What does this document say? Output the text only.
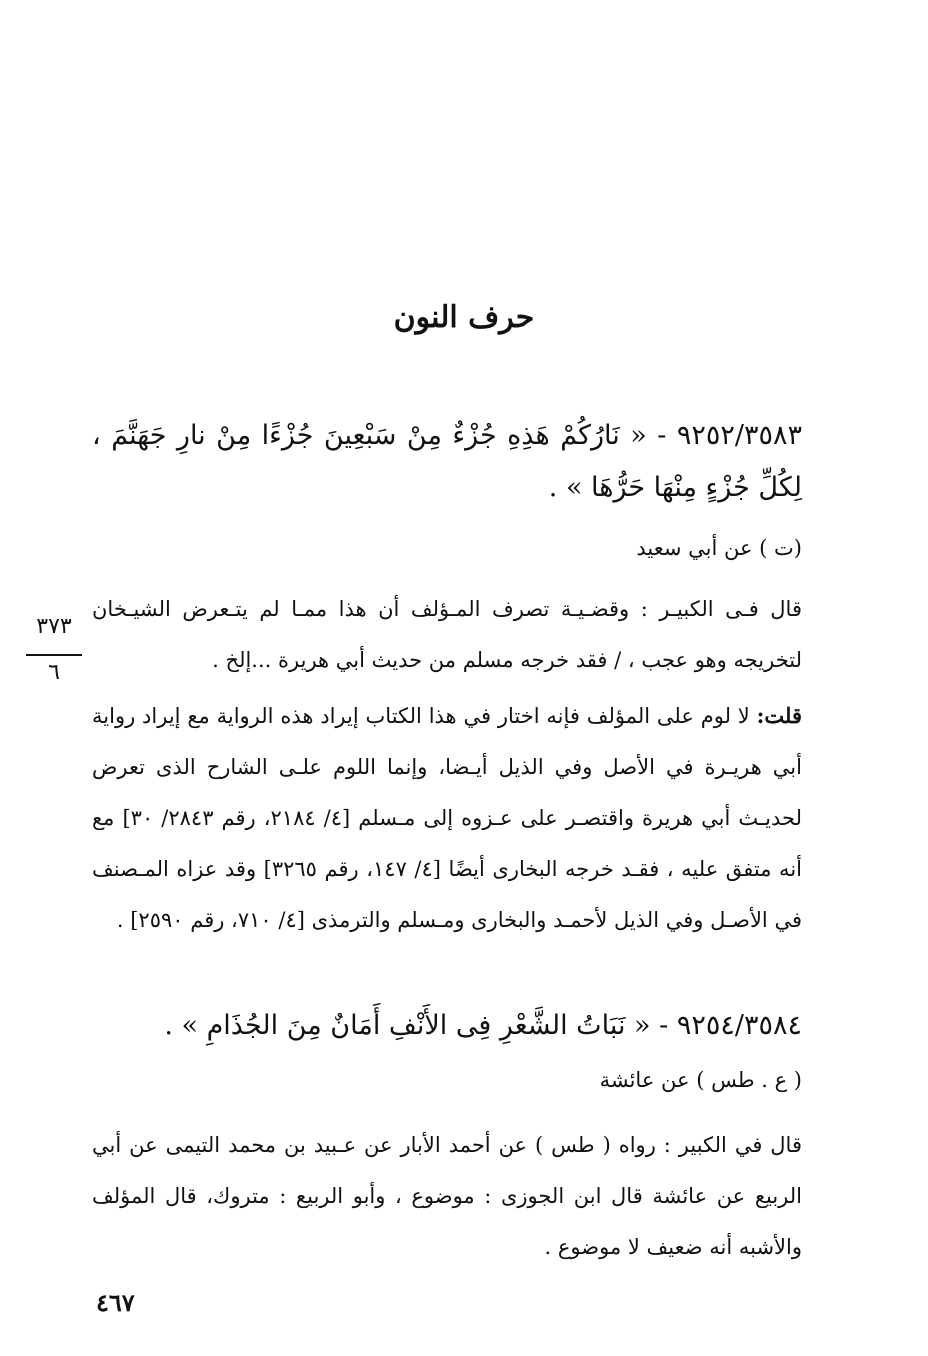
حرف النون
٩٢٥٢/٣٥٨٣ - « نَارُكُمْ هَذِهِ جُزْءٌ مِنْ سَبْعِينَ جُزْءًا مِنْ نارِ جَهَنَّمَ ، لِكُلِّ جُزْءٍ مِنْهَا حَرُّهَا » .
(ت ) عن أبي سعيد
قال فـى الكبيـر : وقضـيـة تصرف المـؤلف أن هذا ممـا لم يتـعرض الشيـخان لتخريجه وهو عجب ، / فقد خرجه مسلم من حديث أبي هريرة ...إلخ .
قلت: لا لوم على المؤلف فإنه اختار في هذا الكتاب إيراد هذه الرواية مع إيراد رواية أبي هريـرة في الأصل وفي الذيل أيـضا، وإنما اللوم علـى الشارح الذى تعرض لحديـث أبي هريرة واقتصـر على عـزوه إلى مـسلم [٤/ ٢١٨٤، رقم ٢٨٤٣/ ٣٠] مع أنه متفق عليه ، فقـد خرجه البخارى أيضًا [٤/ ١٤٧، رقم ٣٢٦٥] وقد عزاه المـصنف في الأصـل وفي الذيل لأحمـد والبخارى ومـسلم والترمذى [٤/ ٧١٠، رقم ٢٥٩٠] .
٩٢٥٤/٣٥٨٤ - « نَبَاتُ الشَّعْرِ فِى الأَنْفِ أَمَانٌ مِنَ الجُذَامِ » .
( ع . طس ) عن عائشة
قال في الكبير : رواه ( طس ) عن أحمد الأبار عن عـبيد بن محمد التيمى عن أبي الربيع عن عائشة قال ابن الجوزى : موضوع ، وأبو الربيع : متروك، قال المؤلف والأشبه أنه ضعيف لا موضوع .
٣٧٣
٦
٤٦٧
